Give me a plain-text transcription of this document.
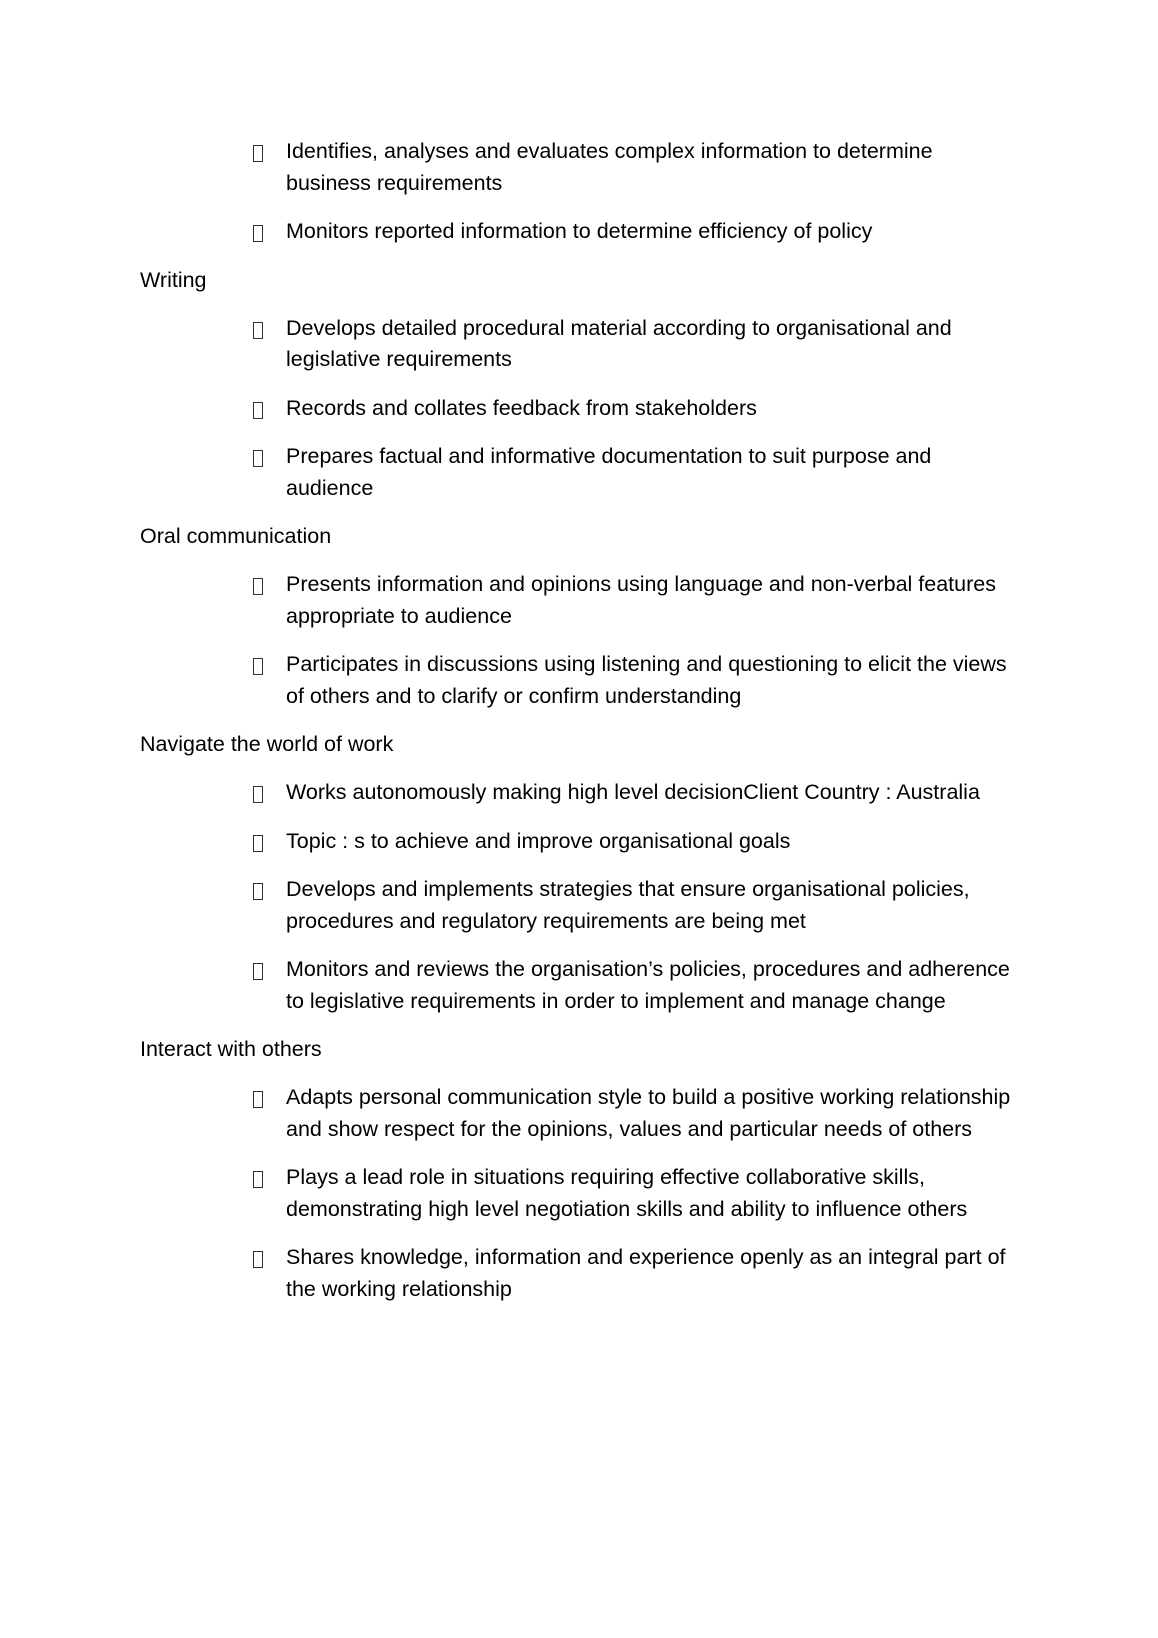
Identifies, analyses and evaluates complex information to determine business requirements
Monitors reported information to determine efficiency of policy
Writing
Develops detailed procedural material according to organisational and legislative requirements
Records and collates feedback from stakeholders
Prepares factual and informative documentation to suit purpose and audience
Oral communication
Presents information and opinions using language and non-verbal features appropriate to audience
Participates in discussions using listening and questioning to elicit the views of others and to clarify or confirm understanding
Navigate the world of work
Works autonomously making high level decisionClient Country : Australia
Topic : s to achieve and improve organisational goals
Develops and implements strategies that ensure organisational policies, procedures and regulatory requirements are being met
Monitors and reviews the organisation’s policies, procedures and adherence to legislative requirements in order to implement and manage change
Interact with others
Adapts personal communication style to build a positive working relationship and show respect for the opinions, values and particular needs of others
Plays a lead role in situations requiring effective collaborative skills, demonstrating high level negotiation skills and ability to influence others
Shares knowledge, information and experience openly as an integral part of the working relationship
